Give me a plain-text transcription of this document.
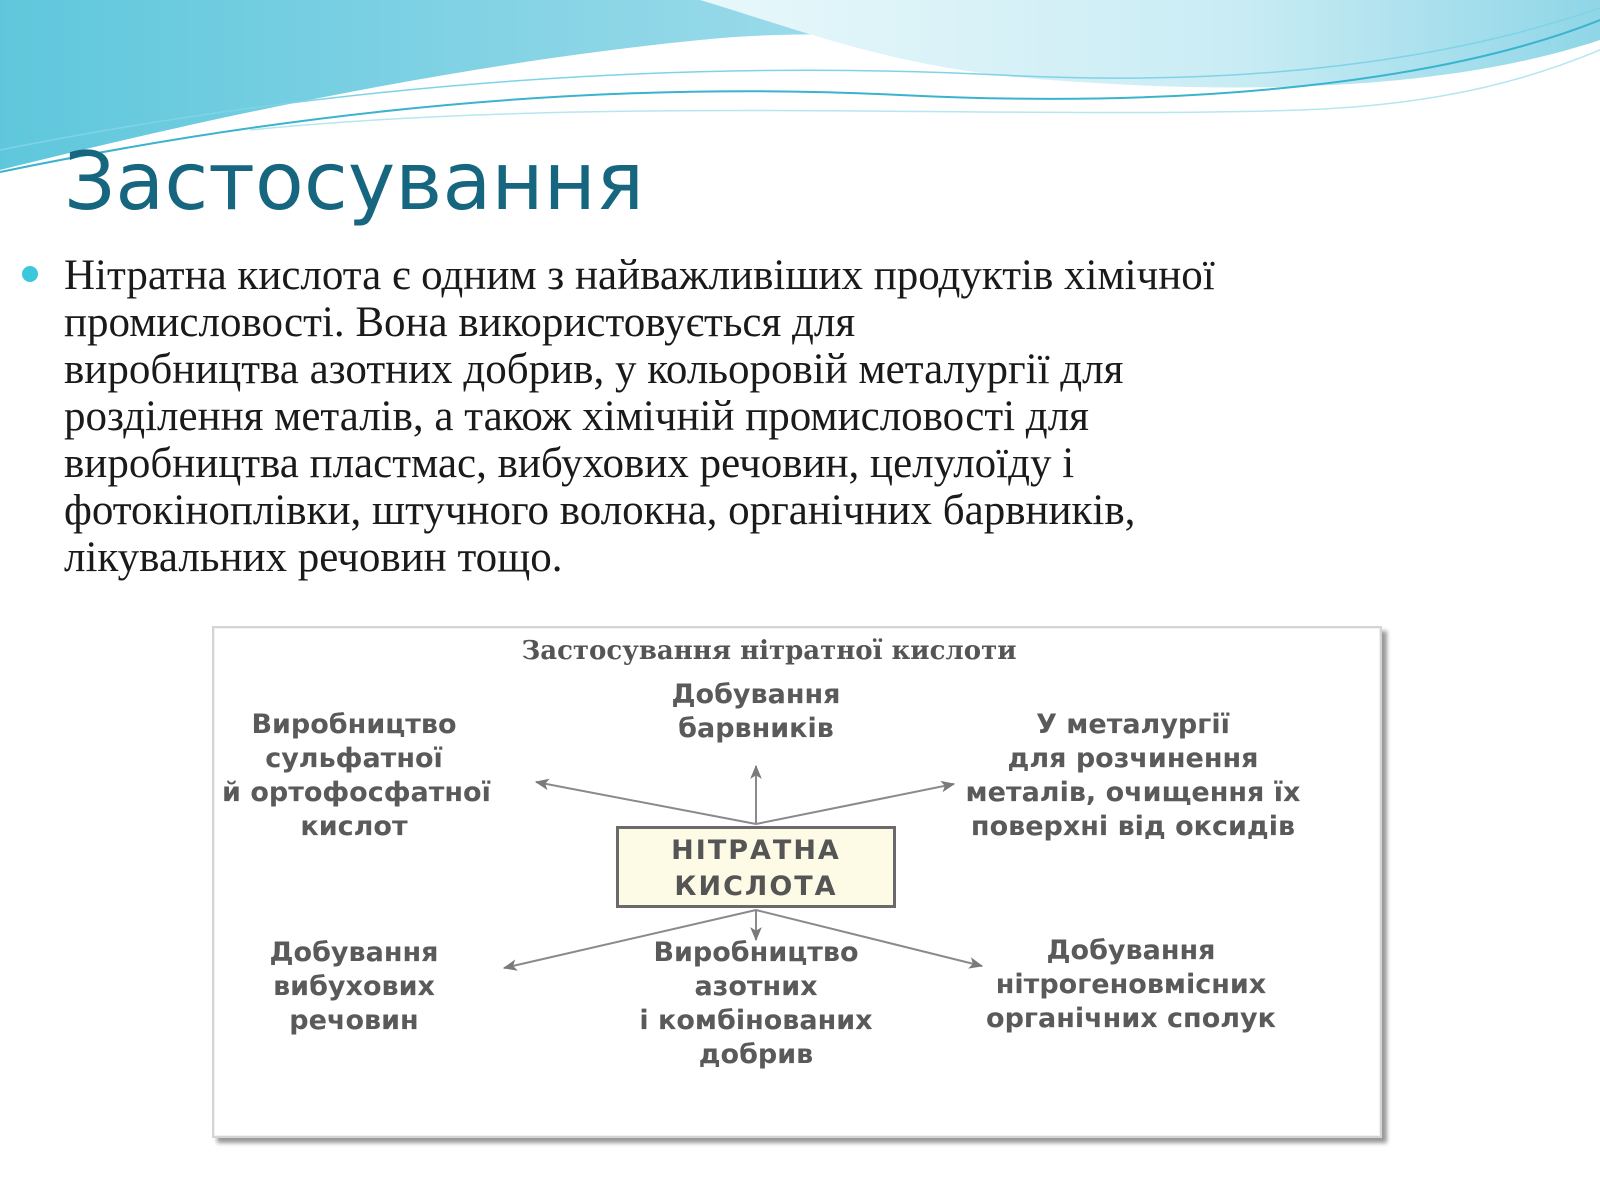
Застосування

Нітратна кислота є одним з найважливіших продуктів хімічної
промисловості. Вона використовується для
виробництва азотних добрив, у кольоровій металургії для
розділення металів, а також хімічній промисловості для
виробництва пластмас, вибухових речовин, целулоїду і
фотокіноплівки, штучного волокна, органічних барвників,
лікувальних речовин тощо.

Застосування нітратної кислоти

Виробництво
сульфатної
й ортофосфатної
кислот
Добування
барвників	У металургії
для розчинення
металів, очищення їх
поверхні від оксидів
НІТРАТНА
КИСЛОТА
Добування
вибухових
речовин
Виробництво
азотних
і комбінованих
добрив
Добування
нітрогеновмісних
органічних сполук
